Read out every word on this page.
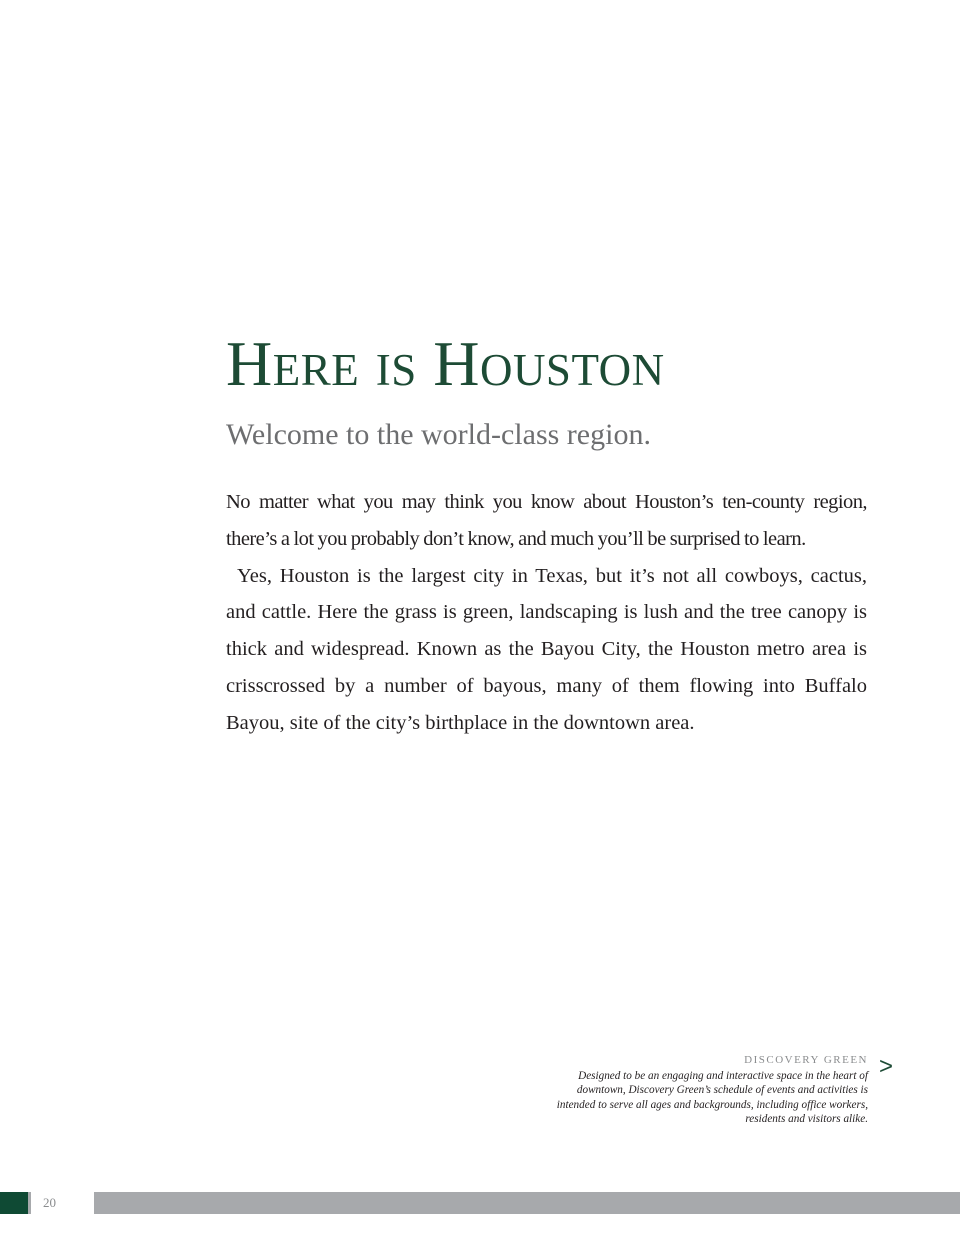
Here is Houston
Welcome to the world-class region.

No matter what you may think you know about Houston’s ten-county region, there’s a lot you probably don’t know, and much you’ll be surprised to learn.

Yes, Houston is the largest city in Texas, but it’s not all cowboys, cactus, and cattle. Here the grass is green, landscaping is lush and the tree canopy is thick and widespread. Known as the Bayou City, the Houston metro area is crisscrossed by a number of bayous, many of them flowing into Buffalo Bayou, site of the city’s birthplace in the downtown area.

DISCOVERY GREEN
Designed to be an engaging and interactive space in the heart of downtown, Discovery Green’s schedule of events and activities is intended to serve all ages and backgrounds, including office workers, residents and visitors alike.
>
20
